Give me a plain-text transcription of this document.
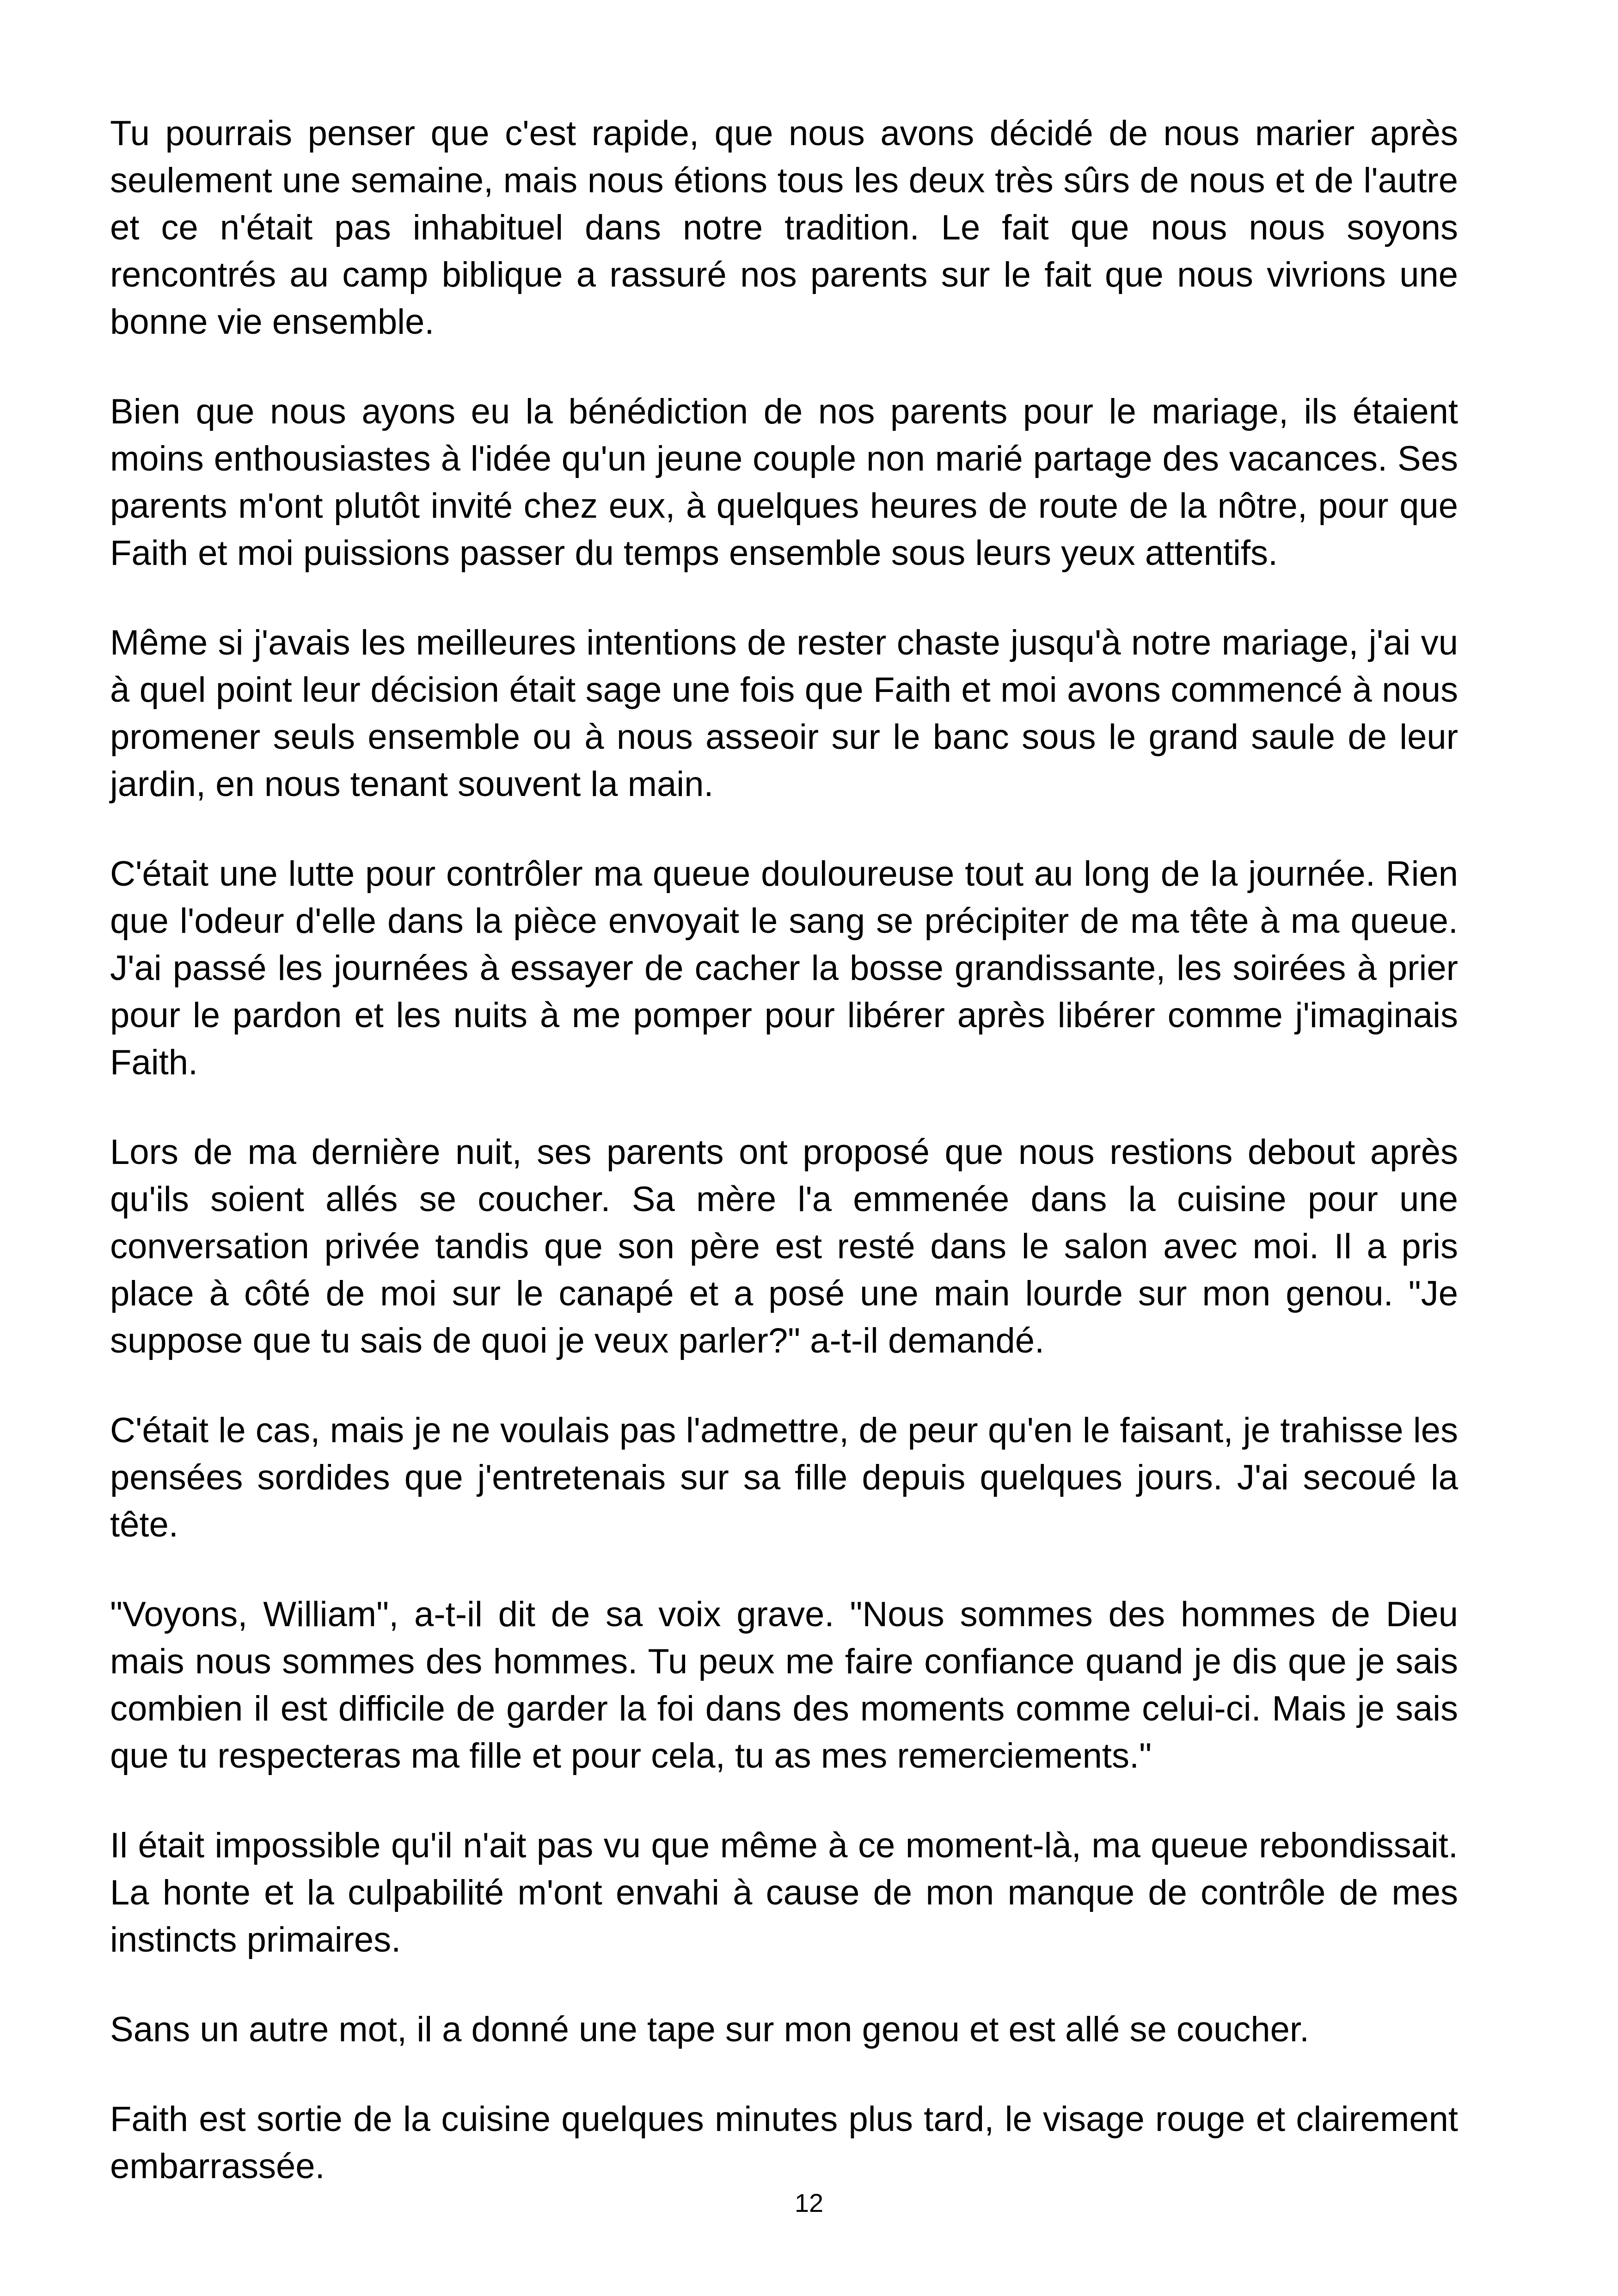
Tu pourrais penser que c'est rapide, que nous avons décidé de nous marier après seulement une semaine, mais nous étions tous les deux très sûrs de nous et de l'autre et ce n'était pas inhabituel dans notre tradition. Le fait que nous nous soyons rencontrés au camp biblique a rassuré nos parents sur le fait que nous vivrions une bonne vie ensemble.

Bien que nous ayons eu la bénédiction de nos parents pour le mariage, ils étaient moins enthousiastes à l'idée qu'un jeune couple non marié partage des vacances. Ses parents m'ont plutôt invité chez eux, à quelques heures de route de la nôtre, pour que Faith et moi puissions passer du temps ensemble sous leurs yeux attentifs.

Même si j'avais les meilleures intentions de rester chaste jusqu'à notre mariage, j'ai vu à quel point leur décision était sage une fois que Faith et moi avons commencé à nous promener seuls ensemble ou à nous asseoir sur le banc sous le grand saule de leur jardin, en nous tenant souvent la main.

C'était une lutte pour contrôler ma queue douloureuse tout au long de la journée. Rien que l'odeur d'elle dans la pièce envoyait le sang se précipiter de ma tête à ma queue. J'ai passé les journées à essayer de cacher la bosse grandissante, les soirées à prier pour le pardon et les nuits à me pomper pour libérer après libérer comme j'imaginais Faith.

Lors de ma dernière nuit, ses parents ont proposé que nous restions debout après qu'ils soient allés se coucher. Sa mère l'a emmenée dans la cuisine pour une conversation privée tandis que son père est resté dans le salon avec moi. Il a pris place à côté de moi sur le canapé et a posé une main lourde sur mon genou. "Je suppose que tu sais de quoi je veux parler?" a-t-il demandé.

C'était le cas, mais je ne voulais pas l'admettre, de peur qu'en le faisant, je trahisse les pensées sordides que j'entretenais sur sa fille depuis quelques jours. J'ai secoué la tête.

"Voyons, William", a-t-il dit de sa voix grave. "Nous sommes des hommes de Dieu mais nous sommes des hommes. Tu peux me faire confiance quand je dis que je sais combien il est difficile de garder la foi dans des moments comme celui-ci. Mais je sais que tu respecteras ma fille et pour cela, tu as mes remerciements."

Il était impossible qu'il n'ait pas vu que même à ce moment-là, ma queue rebondissait. La honte et la culpabilité m'ont envahi à cause de mon manque de contrôle de mes instincts primaires.

Sans un autre mot, il a donné une tape sur mon genou et est allé se coucher.

Faith est sortie de la cuisine quelques minutes plus tard, le visage rouge et clairement embarrassée.

12
